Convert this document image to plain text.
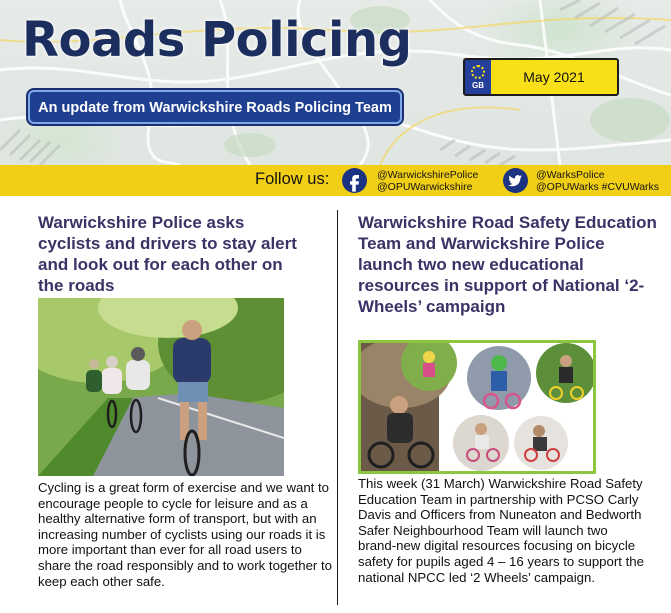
Roads Policing
An update from Warwickshire Roads Policing Team
GB
May 2021
Follow us:	@WarwickshirePolice
@OPUWarwickshire
@WarksPolice
@OPUWarks #CVUWarks
Warwickshire Police asks cyclists and drivers to stay alert and look out for each other on the roads

Cycling is a great form of exercise and we want to encourage people to cycle for leisure and as a healthy alternative form of transport, but with an increasing number of cyclists using our roads it is more important than ever for all road users to share the road responsibly and to work together to keep each other safe.

Warwickshire Road Safety Education Team and Warwickshire Police launch two new educational resources in support of National ‘2-Wheels’ campaign

This week (31 March) Warwickshire Road Safety Education Team in partnership with PCSO Carly Davis and Officers from Nuneaton and Bedworth Safer Neighbourhood Team will launch two brand-new digital resources focusing on bicycle safety for pupils aged 4 – 16 years to support the national NPCC led ‘2 Wheels’ campaign.
